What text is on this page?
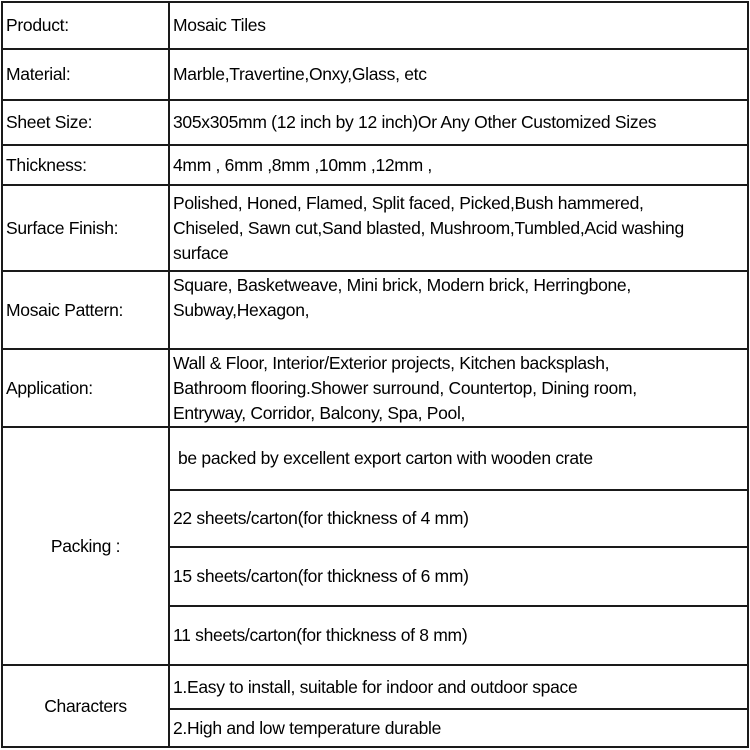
Product:	Mosaic Tiles
Material:	Marble,Travertine,Onxy,Glass, etc
Sheet Size:	305x305mm (12 inch by 12 inch)Or Any Other Customized Sizes
Thickness:	4mm , 6mm ,8mm ,10mm ,12mm ,
Surface Finish:	Polished, Honed, Flamed, Split faced, Picked,Bush hammered,
Chiseled, Sawn cut,Sand blasted, Mushroom,Tumbled,Acid washing
surface

Mosaic Pattern:	Square, Basketweave, Mini brick, Modern brick, Herringbone,
Subway,Hexagon,

Application:	Wall & Floor, Interior/Exterior projects, Kitchen backsplash,
Bathroom flooring.Shower surround, Countertop, Dining room,
Entryway, Corridor, Balcony, Spa, Pool,

Packing :	be packed by excellent export carton with wooden crate
	22 sheets/carton(for thickness of 4 mm)
	15 sheets/carton(for thickness of 6 mm)
	11 sheets/carton(for thickness of 8 mm)
Characters	1.Easy to install, suitable for indoor and outdoor space
	2.High and low temperature durable
